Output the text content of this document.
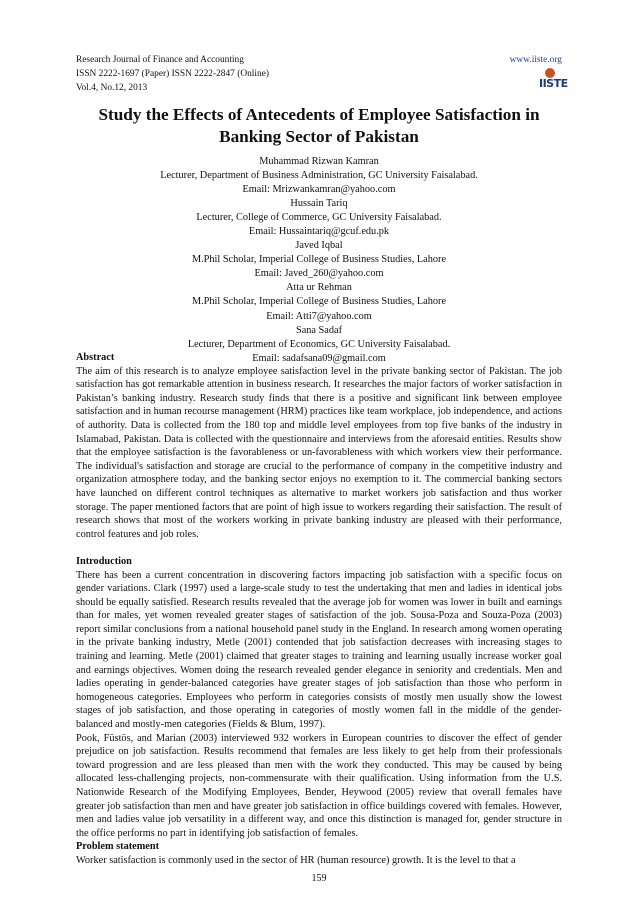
Research Journal of Finance and Accounting	www.iiste.org
ISSN 2222-1697 (Paper) ISSN 2222-2847 (Online)
Vol.4, No.12, 2013	IISTE
Study the Effects of Antecedents of Employee Satisfaction in
Banking Sector of Pakistan
Muhammad Rizwan Kamran
Lecturer, Department of Business Administration, GC University Faisalabad.
Email: Mrizwankamran@yahoo.com
Hussain Tariq
Lecturer, College of Commerce, GC University Faisalabad.
Email: Hussaintariq@gcuf.edu.pk
Javed Iqbal
M.Phil Scholar, Imperial College of Business Studies, Lahore
Email: Javed_260@yahoo.com
Atta ur Rehman
M.Phil Scholar, Imperial College of Business Studies, Lahore
Email: Atti7@yahoo.com
Sana Sadaf
Lecturer, Department of Economics, GC University Faisalabad.
Email: sadafsana09@gmail.com

Abstract

The aim of this research is to analyze employee satisfaction level in the private banking sector of Pakistan. The job satisfaction has got remarkable attention in business research. It researches the major factors of worker satisfaction in Pakistan’s banking industry. Research study finds that there is a positive and significant link between employee satisfaction and in human recourse management (HRM) practices like team workplace, job independence, and actions of authority. Data is collected from the 180 top and middle level employees from top five banks of the industry in Islamabad, Pakistan. Data is collected with the questionnaire and interviews from the aforesaid entities. Results show that the employee satisfaction is the favorableness or un-favorableness with which workers view their performance. The individual's satisfaction and storage are crucial to the performance of company in the competitive industry and organization atmosphere today, and the banking sector enjoys no exemption to it. The commercial banking sectors have launched on different control techniques as alternative to market workers job satisfaction and thus worker storage. The paper mentioned factors that are point of high issue to workers regarding their satisfaction. The result of research shows that most of the workers working in private banking industry are pleased with their performance, control features and job roles.

Introduction

There has been a current concentration in discovering factors impacting job satisfaction with a specific focus on gender variations. Clark (1997) used a large-scale study to test the undertaking that men and ladies in identical jobs should be equally satisfied. Research results revealed that the average job for women was lower in built and earnings than for males, yet women revealed greater stages of satisfaction of the job. Sousa-Poza and Souza-Poza (2003) report similar conclusions from a national household panel study in the England. In research among women operating in the private banking industry, Metle (2001) contended that job satisfaction decreases with increasing stages to training and learning. Metle (2001) claimed that greater stages to training and learning usually increase worker goal and earnings objectives. Women doing the research revealed gender elegance in seniority and credentials. Men and ladies operating in gender-balanced categories have greater stages of job satisfaction than those who perform in homogeneous categories. Employees who perform in categories consists of mostly men usually show the lowest stages of job satisfaction, and those operating in categories of mostly women fall in the middle of the gender-balanced and mostly-men categories (Fields & Blum, 1997).

Pook, Füstös, and Marian (2003) interviewed 932 workers in European countries to discover the effect of gender prejudice on job satisfaction. Results recommend that females are less likely to get help from their professionals toward progression and are less pleased than men with the work they conducted. This may be caused by being allocated less-challenging projects, non-commensurate with their qualification. Using information from the U.S. Nationwide Research of the Modifying Employees, Bender, Heywood (2005) review that overall females have greater job satisfaction than men and have greater job satisfaction in office buildings covered with females. However, men and ladies value job versatility in a different way, and once this distinction is managed for, gender structure in the office performs no part in identifying job satisfaction of females.

Problem statement

Worker satisfaction is commonly used in the sector of HR (human resource) growth. It is the level to that a

159
